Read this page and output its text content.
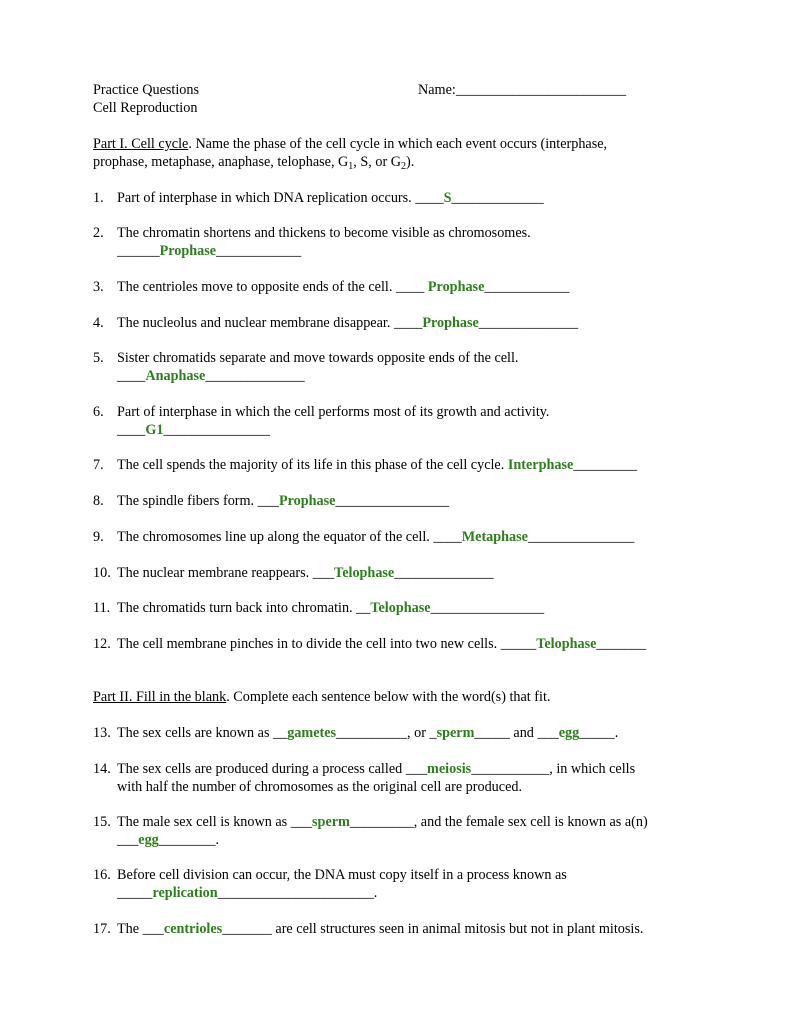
Practice Questions
Cell Reproduction
Name:________________________
Part I. Cell cycle. Name the phase of the cell cycle in which each event occurs (interphase,
prophase, metaphase, anaphase, telophase, $G_1$, S, or $G_2$).
1. Part of interphase in which DNA replication occurs. ____S_____________
2. The chromatin shortens and thickens to become visible as chromosomes.
______Prophase____________
3. The centrioles move to opposite ends of the cell. ____ Prophase____________
4. The nucleolus and nuclear membrane disappear. ____Prophase______________
5. Sister chromatids separate and move towards opposite ends of the cell.
____Anaphase______________
6. Part of interphase in which the cell performs most of its growth and activity.
____G1_______________
7. The cell spends the majority of its life in this phase of the cell cycle. Interphase_________
8. The spindle fibers form. ___Prophase________________
9. The chromosomes line up along the equator of the cell. ____Metaphase_______________
10. The nuclear membrane reappears. ___Telophase______________
11. The chromatids turn back into chromatin. __Telophase________________
12. The cell membrane pinches in to divide the cell into two new cells. _____Telophase_______
Part II. Fill in the blank. Complete each sentence below with the word(s) that fit.
13. The sex cells are known as __gametes__________, or _sperm_____ and ___egg_____.
14. The sex cells are produced during a process called ___meiosis___________, in which cells
with half the number of chromosomes as the original cell are produced.
15. The male sex cell is known as ___sperm_________, and the female sex cell is known as a(n)
___egg________.
16. Before cell division can occur, the DNA must copy itself in a process known as
_____replication______________________.
17. The ___centrioles_______ are cell structures seen in animal mitosis but not in plant mitosis.
